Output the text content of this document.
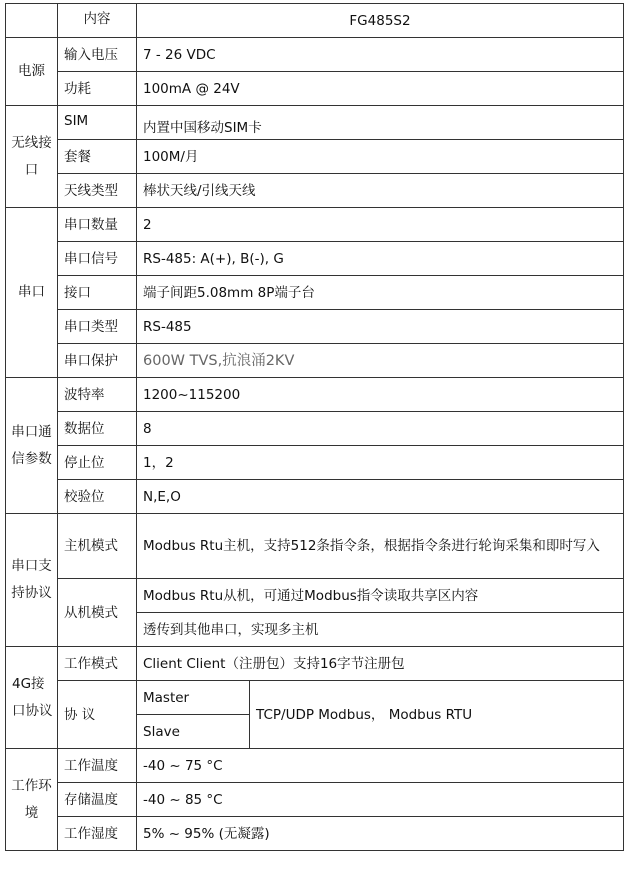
	内容	FG485S2	
电源	输入电压	7 - 26 VDC	
	功耗	100mA @ 24V	
无线接口	SIM	内置中国移动SIM卡	
	套餐	100M/月	
	天线类型	棒状天线/引线天线	
串口	串口数量	2	
	串口信号	RS-485: A(+), B(-), G	
	接口	端子间距5.08mm 8P端子台	
	串口类型	RS-485	
	串口保护	600W TVS,抗浪涌2KV	
串口通信参数	波特率	1200~115200	
	数据位	8	
	停止位	1，2	
	校验位	N,E,O	
串口支持协议	主机模式	Modbus Rtu主机，支持512条指令条，根据指令条进行轮询采集和即时写入	
	从机模式	Modbus Rtu从机，可通过Modbus指令读取共享区内容	
		透传到其他串口，实现多主机	
4G接口协议	工作模式	Client Client（注册包）支持16字节注册包	
	协 议	Master	TCP/UDP Modbus， Modbus RTU
		Slave	
工作环境	工作温度	-40 ~ 75 °C	
	存储温度	-40 ~ 85 °C	
	工作湿度	5% ~ 95% (无凝露)	
